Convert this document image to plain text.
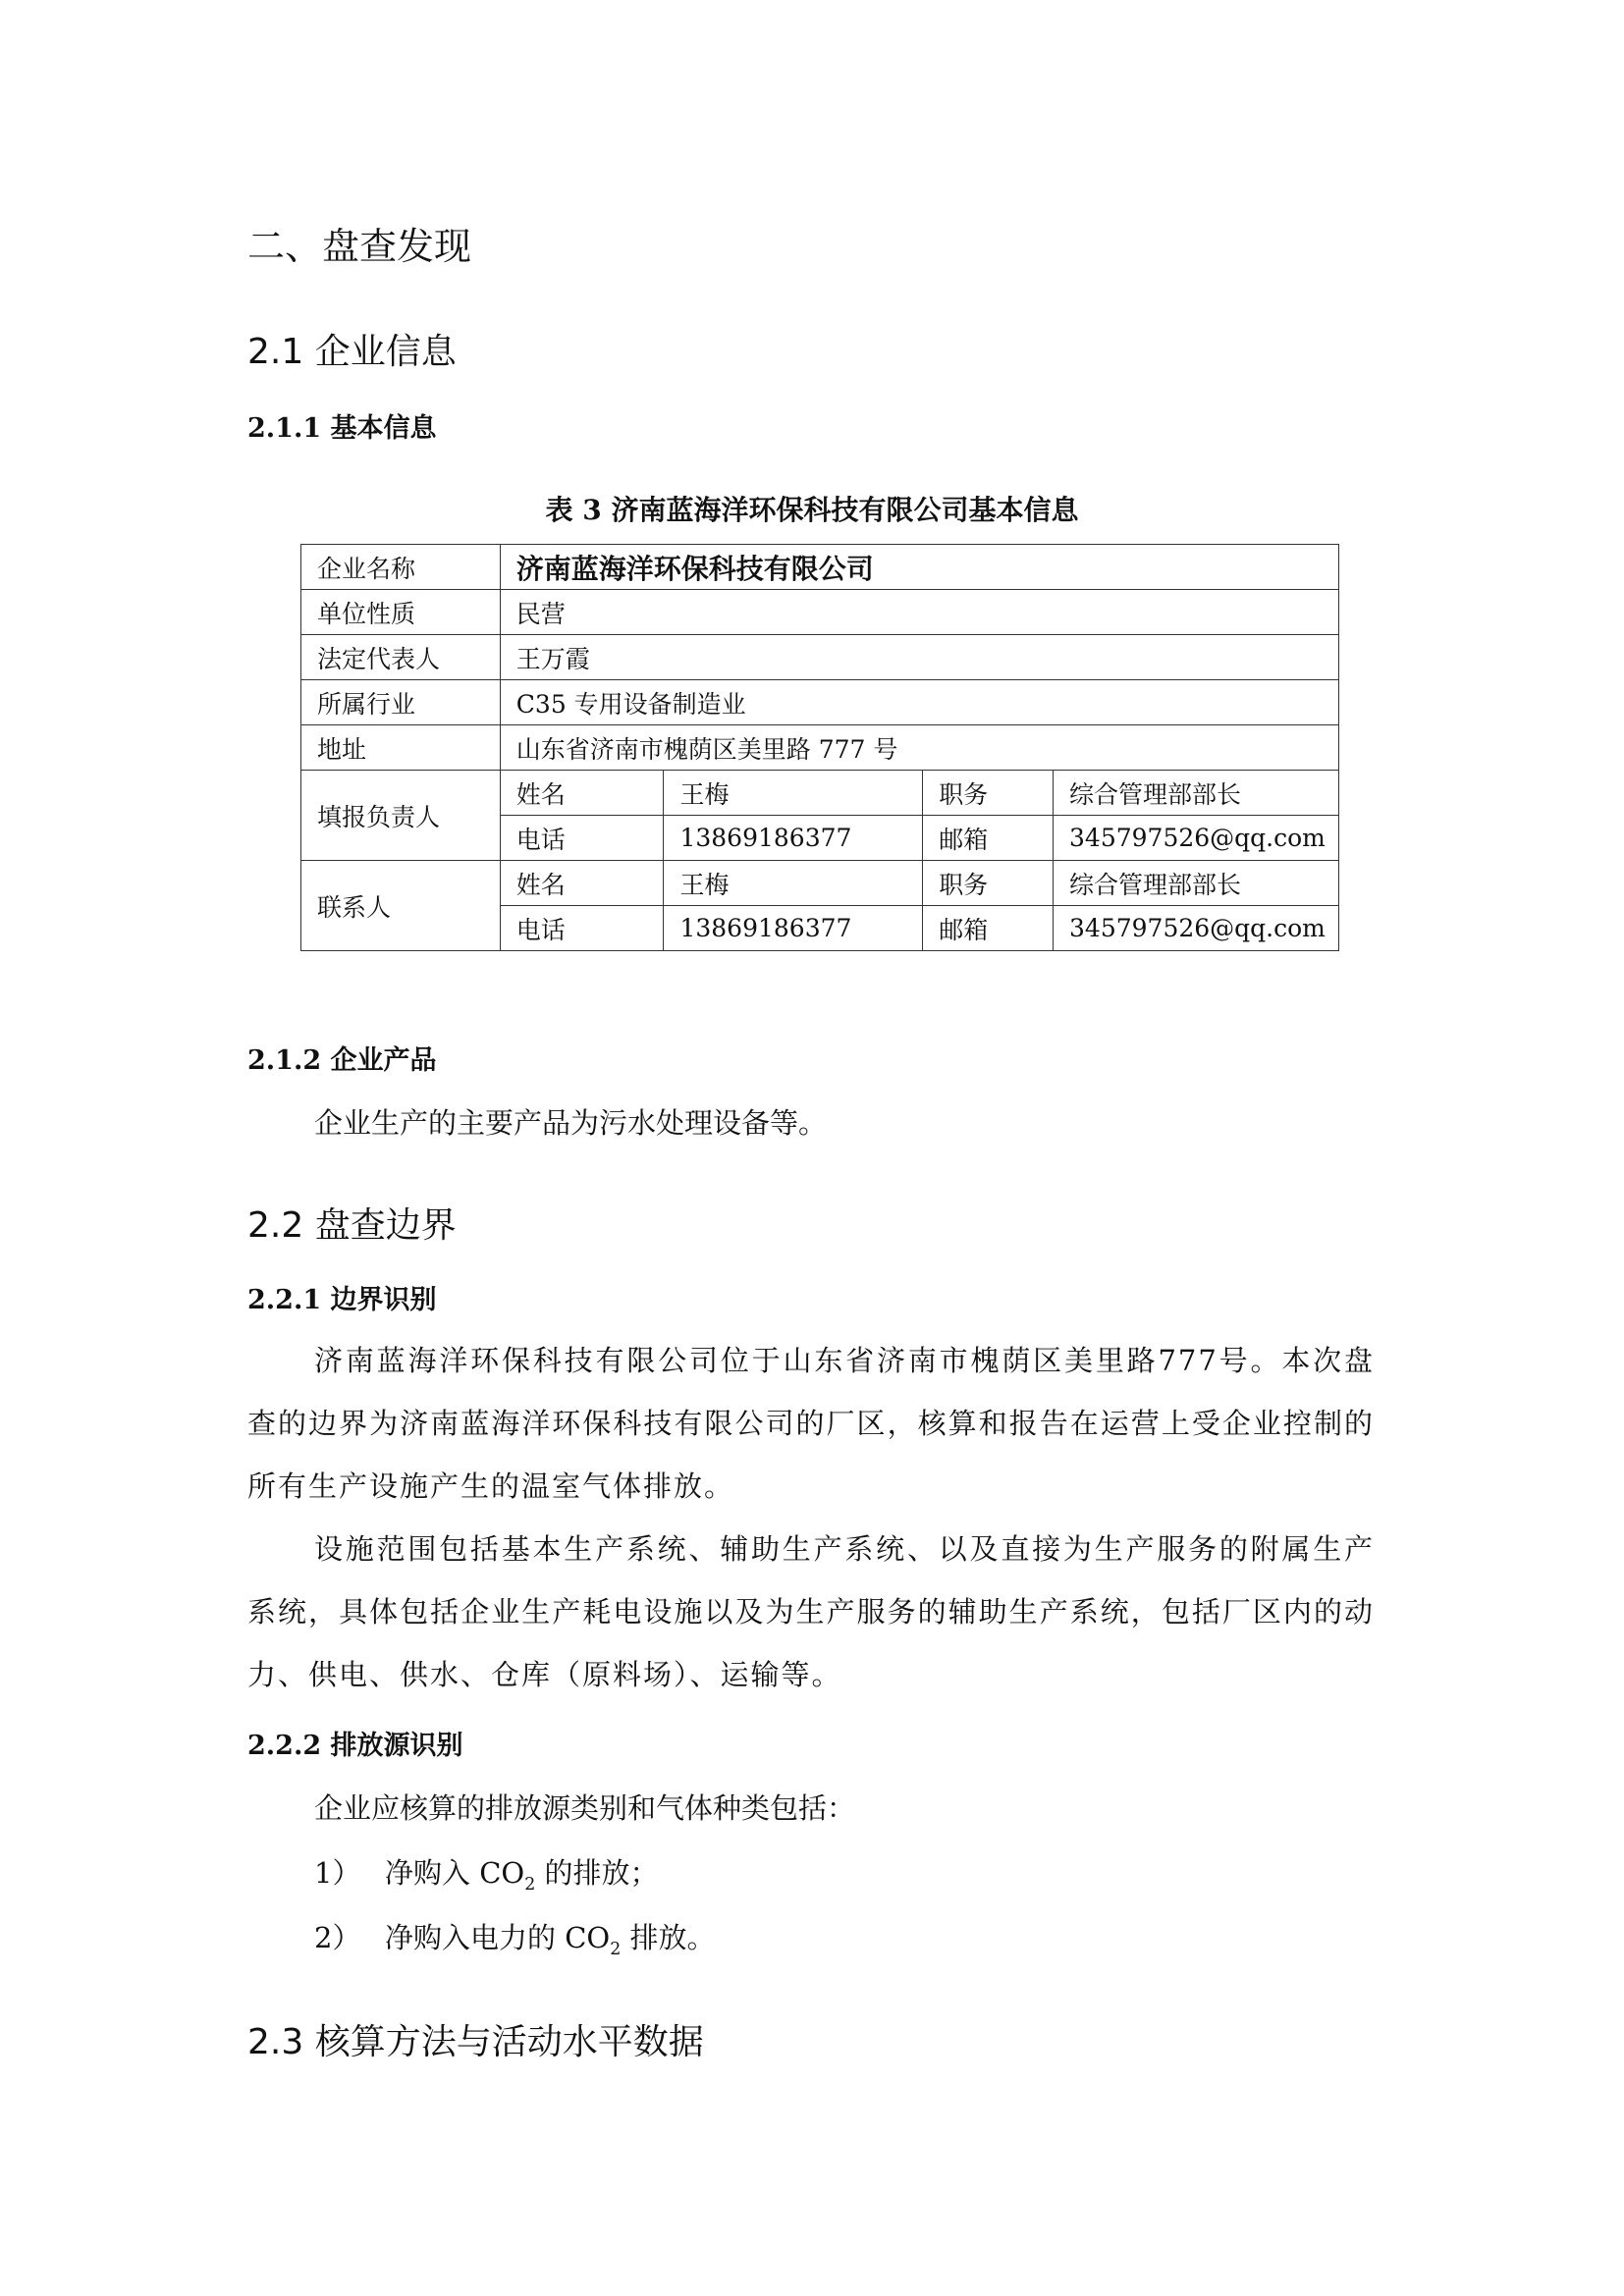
二、盘查发现
2.1 企业信息
2.1.1 基本信息
表 3 济南蓝海洋环保科技有限公司基本信息
企业名称	济南蓝海洋环保科技有限公司			
单位性质	民营			
法定代表人	王万霞			
所属行业	C35 专用设备制造业			
地址	山东省济南市槐荫区美里路 777 号			
填报负责人	姓名	王梅	职务	综合管理部部长
	电话	13869186377	邮箱	345797526@qq.com
联系人	姓名	王梅	职务	综合管理部部长
	电话	13869186377	邮箱	345797526@qq.com
2.1.2 企业产品
企业生产的主要产品为污水处理设备等。
2.2 盘查边界
2.2.1 边界识别
济南蓝海洋环保科技有限公司位于山东省济南市槐荫区美里路777号。本次盘查的边界为济南蓝海洋环保科技有限公司的厂区，核算和报告在运营上受企业控制的所有生产设施产生的温室气体排放。
设施范围包括基本生产系统、辅助生产系统、以及直接为生产服务的附属生产系统，具体包括企业生产耗电设施以及为生产服务的辅助生产系统，包括厂区内的动力、供电、供水、仓库（原料场）、运输等。
2.2.2 排放源识别
企业应核算的排放源类别和气体种类包括：
1） 净购入 $CO_2$ 的排放；
2） 净购入电力的 $CO_2$ 排放。
2.3 核算方法与活动水平数据
